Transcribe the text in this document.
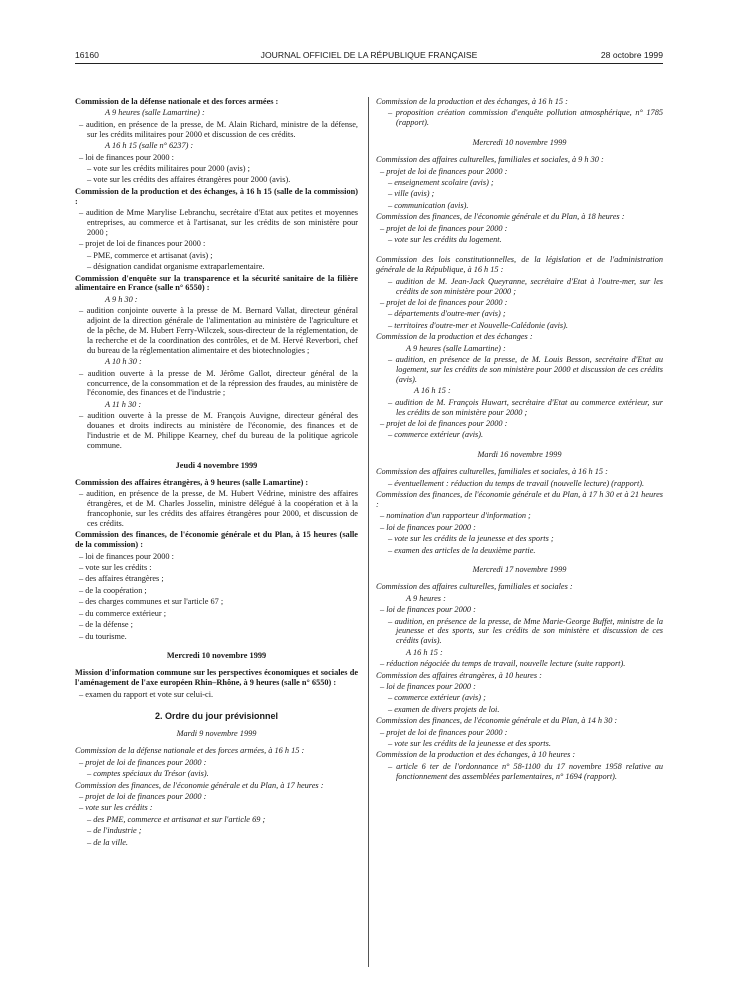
16160	JOURNAL OFFICIEL DE LA RÉPUBLIQUE FRANÇAISE	28 octobre 1999
Commission de la défense nationale et des forces armées :
A 9 heures (salle Lamartine) :
– audition, en présence de la presse, de M. Alain Richard, ministre de la défense, sur les crédits militaires pour 2000 et discussion de ces crédits.
A 16 h 15 (salle n° 6237) :
– loi de finances pour 2000 :
– vote sur les crédits militaires pour 2000 (avis) ;
– vote sur les crédits des affaires étrangères pour 2000 (avis).
Commission de la production et des échanges, à 16 h 15 (salle de la commission) :
– audition de Mme Marylise Lebranchu, secrétaire d'Etat aux petites et moyennes entreprises, au commerce et à l'artisanat, sur les crédits de son ministère pour 2000 ;
– projet de loi de finances pour 2000 :
– PME, commerce et artisanat (avis) ;
– désignation candidat organisme extraparlementaire.
Commission d'enquête sur la transparence et la sécurité sanitaire de la filière alimentaire en France (salle n° 6550) :
A 9 h 30 :
– audition conjointe ouverte à la presse de M. Bernard Vallat, directeur général adjoint de la direction générale de l'alimentation au ministère de l'agriculture et de la pêche, de M. Hubert Ferry-Wilczek, sous-directeur de la réglementation, de la recherche et de la coordination des contrôles, et de M. Hervé Reverbori, chef du bureau de la réglementation alimentaire et des biotechnologies ;
A 10 h 30 :
– audition ouverte à la presse de M. Jérôme Gallot, directeur général de la concurrence, de la consommation et de la répression des fraudes, au ministère de l'économie, des finances et de l'industrie ;
A 11 h 30 :
– audition ouverte à la presse de M. François Auvigne, directeur général des douanes et droits indirects au ministère de l'économie, des finances et de l'industrie et de M. Philippe Kearney, chef du bureau de la politique agricole commune.
Jeudi 4 novembre 1999
Commission des affaires étrangères, à 9 heures (salle Lamartine) :
– audition, en présence de la presse, de M. Hubert Védrine, ministre des affaires étrangères, et de M. Charles Josselin, ministre délégué à la coopération et à la francophonie, sur les crédits des affaires étrangères pour 2000, et discussion de ces crédits.
Commission des finances, de l'économie générale et du Plan, à 15 heures (salle de la commission) :
– loi de finances pour 2000 :
– vote sur les crédits :
– des affaires étrangères ;
– de la coopération ;
– des charges communes et sur l'article 67 ;
– du commerce extérieur ;
– de la défense ;
– du tourisme.
Mercredi 10 novembre 1999
Mission d'information commune sur les perspectives économiques et sociales de l'aménagement de l'axe européen Rhin–Rhône, à 9 heures (salle n° 6550) :
– examen du rapport et vote sur celui-ci.
2. Ordre du jour prévisionnel
Mardi 9 novembre 1999
Commission de la défense nationale et des forces armées, à 16 h 15 :
– projet de loi de finances pour 2000 :
– comptes spéciaux du Trésor (avis).
Commission des finances, de l'économie générale et du Plan, à 17 heures :
– projet de loi de finances pour 2000 :
– vote sur les crédits :
– des PME, commerce et artisanat et sur l'article 69 ;
– de l'industrie ;
– de la ville.
Commission de la production et des échanges, à 16 h 15 :
– proposition création commission d'enquête pollution atmosphérique, n° 1785 (rapport).
Mercredi 10 novembre 1999
Commission des affaires culturelles, familiales et sociales, à 9 h 30 :
– projet de loi de finances pour 2000 :
– enseignement scolaire (avis) ;
– ville (avis) ;
– communication (avis).
Commission des finances, de l'économie générale et du Plan, à 18 heures :
– projet de loi de finances pour 2000 :
– vote sur les crédits du logement.
Commission des lois constitutionnelles, de la législation et de l'administration générale de la République, à 16 h 15 :
– audition de M. Jean-Jack Queyranne, secrétaire d'Etat à l'outre-mer, sur les crédits de son ministère pour 2000 ;
– projet de loi de finances pour 2000 :
– départements d'outre-mer (avis) ;
– territoires d'outre-mer et Nouvelle-Calédonie (avis).
Commission de la production et des échanges :
A 9 heures (salle Lamartine) :
– audition, en présence de la presse, de M. Louis Besson, secrétaire d'Etat au logement, sur les crédits de son ministère pour 2000 et discussion de ces crédits (avis).
A 16 h 15 :
– audition de M. François Huwart, secrétaire d'Etat au commerce extérieur, sur les crédits de son ministère pour 2000 ;
– projet de loi de finances pour 2000 :
– commerce extérieur (avis).
Mardi 16 novembre 1999
Commission des affaires culturelles, familiales et sociales, à 16 h 15 :
– éventuellement : réduction du temps de travail (nouvelle lecture) (rapport).
Commission des finances, de l'économie générale et du Plan, à 17 h 30 et à 21 heures :
– nomination d'un rapporteur d'information ;
– loi de finances pour 2000 :
– vote sur les crédits de la jeunesse et des sports ;
– examen des articles de la deuxième partie.
Mercredi 17 novembre 1999
Commission des affaires culturelles, familiales et sociales :
A 9 heures :
– loi de finances pour 2000 :
– audition, en présence de la presse, de Mme Marie-George Buffet, ministre de la jeunesse et des sports, sur les crédits de son ministère et discussion de ces crédits (avis).
A 16 h 15 :
– réduction négociée du temps de travail, nouvelle lecture (suite rapport).
Commission des affaires étrangères, à 10 heures :
– loi de finances pour 2000 :
– commerce extérieur (avis) ;
– examen de divers projets de loi.
Commission des finances, de l'économie générale et du Plan, à 14 h 30 :
– projet de loi de finances pour 2000 :
– vote sur les crédits de la jeunesse et des sports.
Commission de la production et des échanges, à 10 heures :
– article 6 ter de l'ordonnance n° 58-1100 du 17 novembre 1958 relative au fonctionnement des assemblées parlementaires, n° 1694 (rapport).
